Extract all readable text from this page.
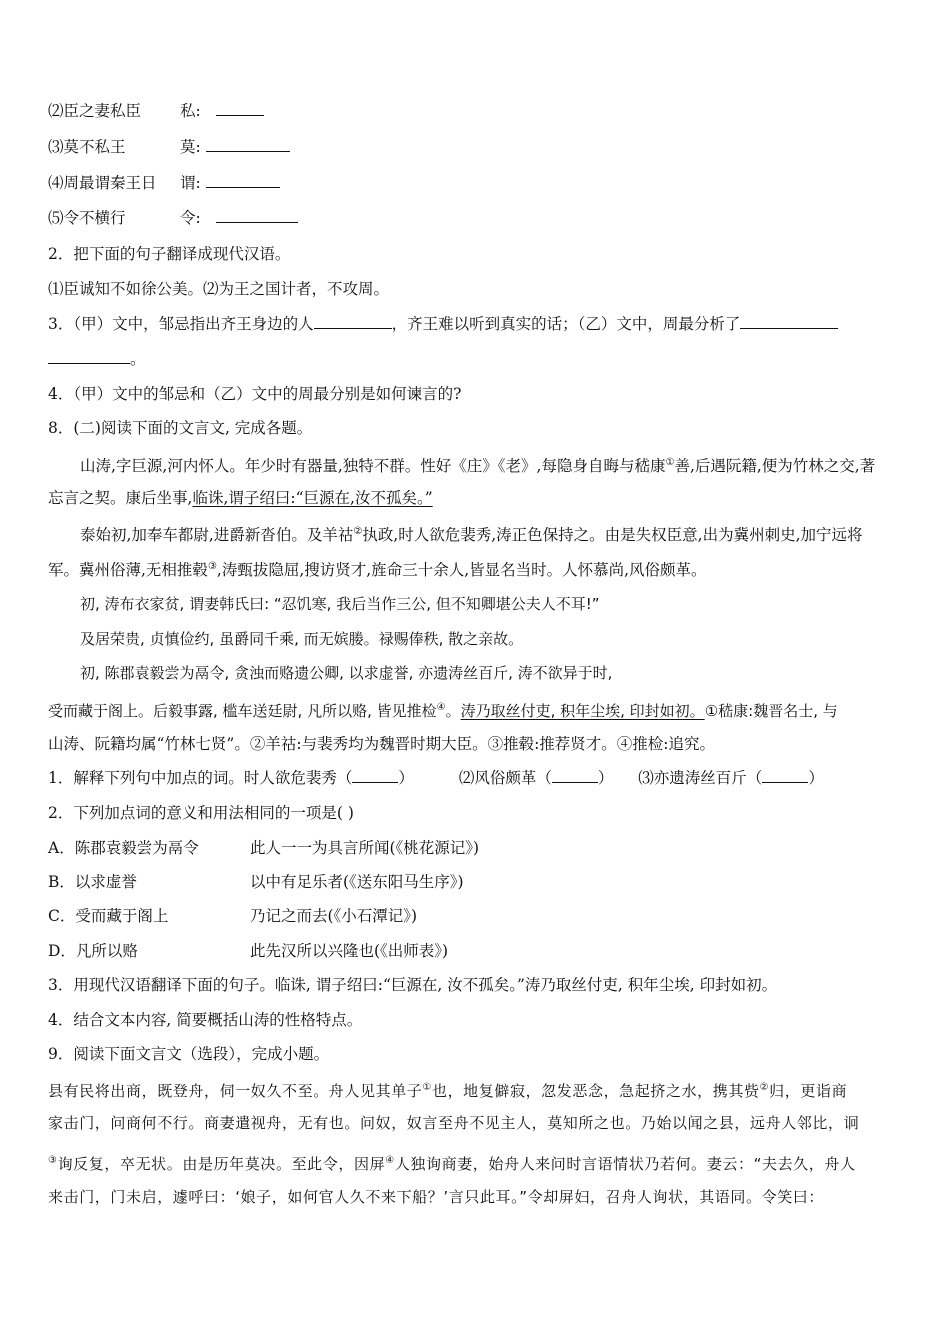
⑵臣之妻私臣	私:
⑶莫不私王	莫:
⑷周最谓秦王日 谓:
⑸令不横行	令:
2．把下面的句子翻译成现代汉语。
⑴臣诚知不如徐公美。⑵为王之国计者，不攻周。
3．（甲）文中，邹忌指出齐王身边的人	，齐王难以听到真实的话；（乙）文中，周最分析了
。
4．（甲）文中的邹忌和（乙）文中的周最分别是如何谏言的?
8．(二)阅读下面的文言文, 完成各题。
山涛,字巨源,河内怀人。年少时有器量,独特不群。性好《庄》《老》,每隐身自晦与嵇康①善,后遇阮籍,便为竹林之交,著
忘言之契。康后坐事,临诛,谓子绍曰:“巨源在,汝不孤矣。”
泰始初,加奉车都尉,进爵新沓伯。及羊祜②执政,时人欲危裴秀,涛正色保持之。由是失权臣意,出为冀州刺史,加宁远将
军。冀州俗薄,无相推毂③,涛甄拔隐屈,搜访贤才,旌命三十余人,皆显名当时。人怀慕尚,风俗颇革。
初, 涛布衣家贫, 谓妻韩氏曰: “忍饥寒, 我后当作三公, 但不知卿堪公夫人不耳!”
及居荣贵, 贞慎俭约, 虽爵同千乘, 而无嫔媵。禄赐俸秩, 散之亲故。
初, 陈郡袁毅尝为鬲令, 贪浊而赂遗公卿, 以求虚誉, 亦遗涛丝百斤, 涛不欲异于时,
受而藏于阁上。后毅事露, 槛车送廷尉, 凡所以赂, 皆见推检④。涛乃取丝付吏, 积年尘埃, 印封如初。①嵇康:魏晋名士, 与
山涛、阮籍均属“竹林七贤”。②羊祜:与裴秀均为魏晋时期大臣。③推毂:推荐贤才。④推检:追究。
1．解释下列句中加点的词。时人欲危裴秀（	）	⑵风俗颇革（	） ⑶亦遗涛丝百斤（	）
2．下列加点词的意义和用法相同的一项是( )
A．陈郡袁毅尝为鬲令	此人一一为具言所闻(《桃花源记》)
B．以求虚誉	以中有足乐者(《送东阳马生序》)
C．受而藏于阁上	乃记之而去(《小石潭记》)
D．凡所以赂	此先汉所以兴隆也(《出师表》)
3．用现代汉语翻译下面的句子。临诛, 谓子绍曰:“巨源在, 汝不孤矣。”涛乃取丝付吏, 积年尘埃, 印封如初。
4．结合文本内容, 简要概括山涛的性格特点。
9．阅读下面文言文（选段），完成小题。
县有民将出商，既登舟，伺一奴久不至。舟人见其单子①也，地复僻寂，忽发恶念，急起挤之水，携其赀②归，更诣商
家击门，问商何不行。商妻遣视舟，无有也。问奴，奴言至舟不见主人，莫知所之也。乃始以闻之县，远舟人邻比，诇
③询反复，卒无状。由是历年莫决。至此令，因屏④人独询商妻，始舟人来问时言语情状乃若何。妻云：“夫去久，舟人
来击门，门未启，遽呼曰：‘娘子，如何官人久不来下船？’言只此耳。”令却屏妇，召舟人询状，其语同。令笑曰：
